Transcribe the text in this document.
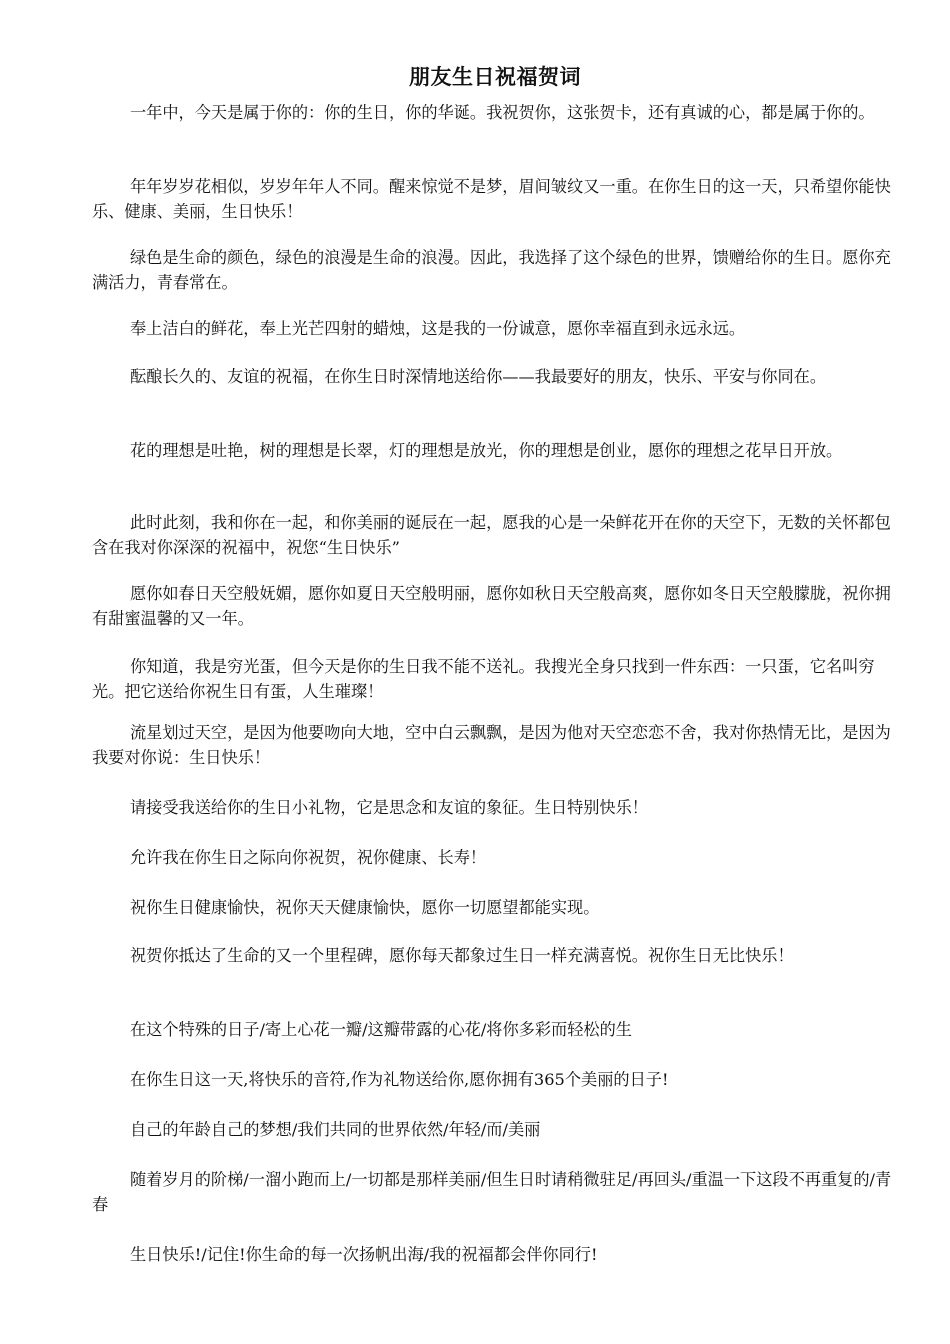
朋友生日祝福贺词

一年中，今天是属于你的：你的生日，你的华诞。我祝贺你，这张贺卡，还有真诚的心，都是属于你的。

年年岁岁花相似，岁岁年年人不同。醒来惊觉不是梦，眉间皱纹又一重。在你生日的这一天，只希望你能快乐、健康、美丽，生日快乐！

绿色是生命的颜色，绿色的浪漫是生命的浪漫。因此，我选择了这个绿色的世界，馈赠给你的生日。愿你充满活力，青春常在。

奉上洁白的鲜花，奉上光芒四射的蜡烛，这是我的一份诚意，愿你幸福直到永远永远。

酝酿长久的、友谊的祝福，在你生日时深情地送给你——我最要好的朋友，快乐、平安与你同在。

花的理想是吐艳，树的理想是长翠，灯的理想是放光，你的理想是创业，愿你的理想之花早日开放。

此时此刻，我和你在一起，和你美丽的诞辰在一起，愿我的心是一朵鲜花开在你的天空下，无数的关怀都包含在我对你深深的祝福中，祝您“生日快乐”

愿你如春日天空般妩媚，愿你如夏日天空般明丽，愿你如秋日天空般高爽，愿你如冬日天空般朦胧，祝你拥有甜蜜温馨的又一年。

你知道，我是穷光蛋，但今天是你的生日我不能不送礼。我搜光全身只找到一件东西：一只蛋，它名叫穷光。把它送给你祝生日有蛋，人生璀璨！

流星划过天空，是因为他要吻向大地，空中白云飘飘，是因为他对天空恋恋不舍，我对你热情无比，是因为我要对你说：生日快乐！

请接受我送给你的生日小礼物，它是思念和友谊的象征。生日特别快乐！

允许我在你生日之际向你祝贺，祝你健康、长寿！

祝你生日健康愉快，祝你天天健康愉快，愿你一切愿望都能实现。

祝贺你抵达了生命的又一个里程碑，愿你每天都象过生日一样充满喜悦。祝你生日无比快乐！

在这个特殊的日子/寄上心花一瓣/这瓣带露的心花/将你多彩而轻松的生

在你生日这一天,将快乐的音符,作为礼物送给你,愿你拥有365个美丽的日子!

自己的年龄自己的梦想/我们共同的世界依然/年轻/而/美丽

随着岁月的阶梯/一溜小跑而上/一切都是那样美丽/但生日时请稍微驻足/再回头/重温一下这段不再重复的/青春

生日快乐!/记住!你生命的每一次扬帆出海/我的祝福都会伴你同行!
